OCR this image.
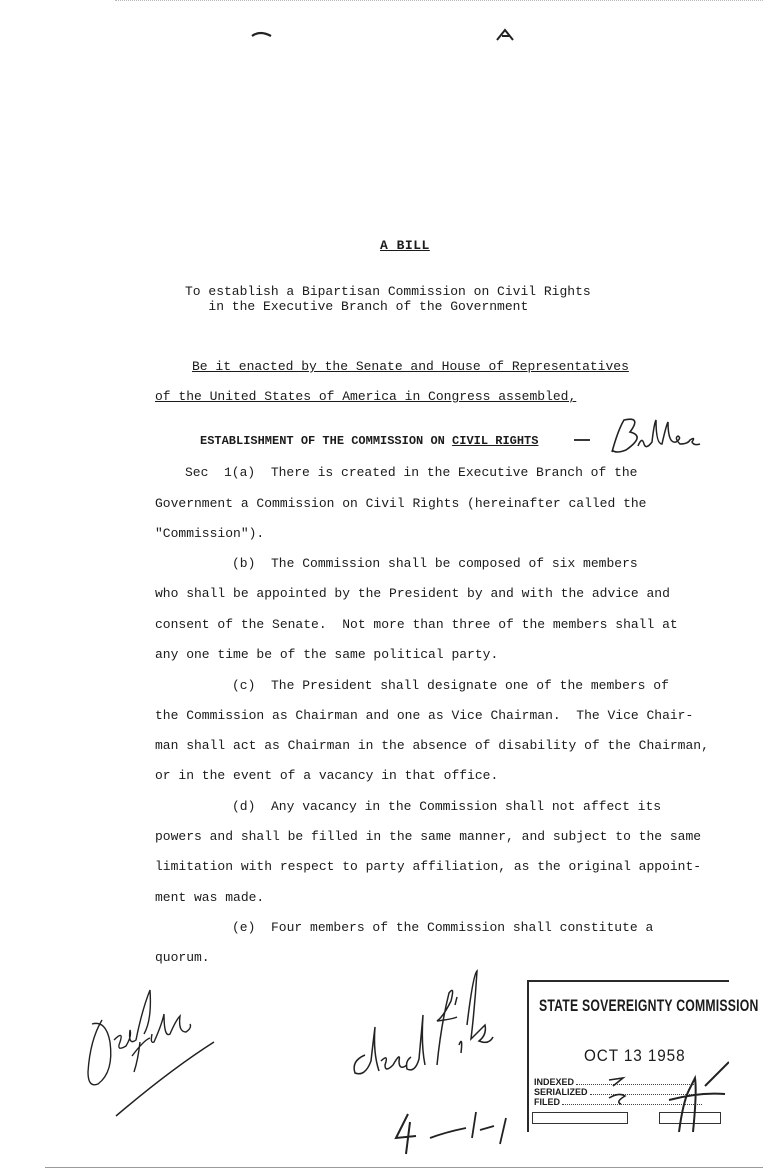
A BILL
To establish a Bipartisan Commission on Civil Rights
in the Executive Branch of the Government
Be it enacted by the Senate and House of Representatives
of the United States of America in Congress assembled,
ESTABLISHMENT OF THE COMMISSION ON CIVIL RIGHTS
Sec  1(a)  There is created in the Executive Branch of the
Government a Commission on Civil Rights (hereinafter called the
"Commission").
(b)  The Commission shall be composed of six members
who shall be appointed by the President by and with the advice and
consent of the Senate.  Not more than three of the members shall at
any one time be of the same political party.
(c)  The President shall designate one of the members of
the Commission as Chairman and one as Vice Chairman.  The Vice Chair-
man shall act as Chairman in the absence of disability of the Chairman,
or in the event of a vacancy in that office.
(d)  Any vacancy in the Commission shall not affect its
powers and shall be filled in the same manner, and subject to the same
limitation with respect to party affiliation, as the original appoint-
ment was made.
(e)  Four members of the Commission shall constitute a
quorum.
STATE SOVEREIGNTY COMMISSION
OCT 13 1958
INDEXED
SERIALIZED
FILED
